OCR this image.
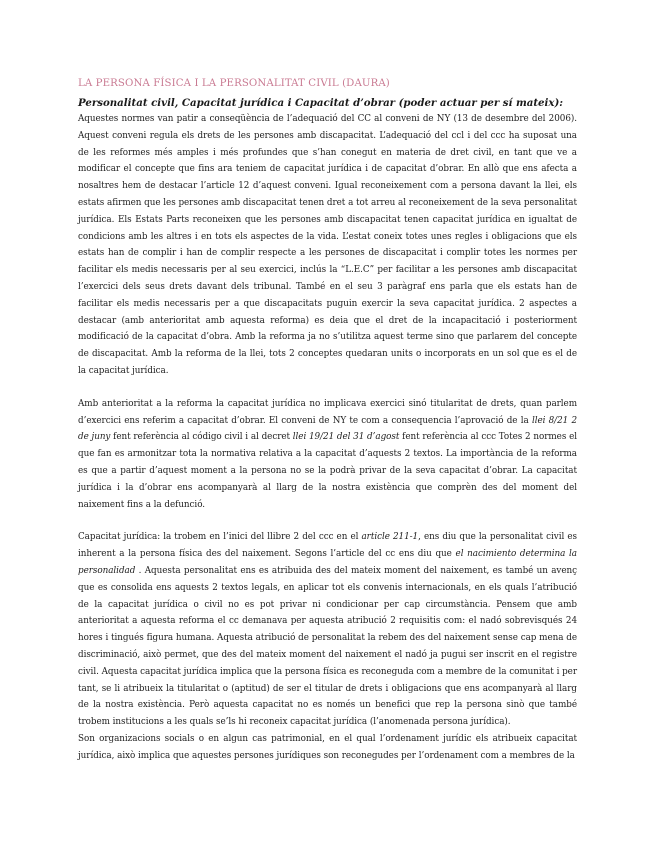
LA PERSONA FÍSICA I LA PERSONALITAT CIVIL (DAURA)
Personalitat civil, Capacitat jurídica i Capacitat d’obrar (poder actuar per sí mateix):

Aquestes normes van patir a conseqüència de l’adequació del CC al conveni de NY (13 de desembre del 2006). Aquest conveni regula els drets de les persones amb discapacitat. L’adequació del ccl i del ccc ha suposat una de les reformes més amples i més profundes que s’han conegut en materia de dret civil, en tant que ve a modificar el concepte que fins ara teniem de capacitat jurídica i de capacitat d’obrar. En allò que ens afecta a nosaltres hem de destacar l’article 12 d’aquest conveni. Igual reconeixement com a persona davant la llei, els estats afirmen que les persones amb discapacitat tenen dret a tot arreu al reconeixement de la seva personalitat jurídica. Els Estats Parts reconeixen que les persones amb discapacitat tenen capacitat jurídica en igualtat de condicions amb les altres i en tots els aspectes de la vida. L’estat coneix totes unes regles i obligacions que els estats han de complir i han de complir respecte a les persones de discapacitat i complir totes les normes per facilitar els medis necessaris per al seu exercici, inclús la “L.E.C” per facilitar a les persones amb discapacitat l’exercici dels seus drets davant dels tribunal. També en el seu 3 paràgraf ens parla que els estats han de facilitar els medis necessaris per a que discapacitats puguin exercir la seva capacitat jurídica. 2 aspectes a destacar (amb anterioritat amb aquesta reforma) es deia que el dret de la incapacitació i posteriorment modificació de la capacitat d’obra. Amb la reforma ja no s’utilitza aquest terme sino que parlarem del concepte de discapacitat. Amb la reforma de la llei, tots 2 conceptes quedaran units o incorporats en un sol que es el de la capacitat jurídica.

Amb anterioritat a la reforma la capacitat jurídica no implicava exercici sinó titularitat de drets, quan parlem d’exercici ens referim a capacitat d’obrar. El conveni de NY te com a consequencia l’aprovació de la llei 8/21 2 de juny fent referència al código civil i al decret llei 19/21 del 31 d’agost fent referència al ccc Totes 2 normes el que fan es armonitzar tota la normativa relativa a la capacitat d’aquests 2 textos. La importància de la reforma es que a partir d’aquest moment a la persona no se la podrà privar de la seva capacitat d’obrar. La capacitat jurídica i la d’obrar ens acompanyarà al llarg de la nostra existència que comprèn des del moment del naixement fins a la defunció.

Capacitat jurídica: la trobem en l’inici del llibre 2 del ccc en el article 211-1, ens diu que la personalitat civil es inherent a la persona física des del naixement. Segons l’article del cc ens diu que el nacimiento determina la personalidad . Aquesta personalitat ens es atribuida des del mateix moment del naixement, es també un avenç que es consolida ens aquests 2 textos legals, en aplicar tot els convenis internacionals, en els quals l’atribució de la capacitat jurídica o civil no es pot privar ni condicionar per cap circumstància. Pensem que amb anterioritat a aquesta reforma el cc demanava per aquesta atribució 2 requisitis com: el nadó sobrevisqués 24 hores i tingués figura humana. Aquesta atribució de personalitat la rebem des del naixement sense cap mena de discriminació, això permet, que des del mateix moment del naixement el nadó ja pugui ser inscrit en el registre civil. Aquesta capacitat jurídica implica que la persona física es reconeguda com a membre de la comunitat i per tant, se li atribueix la titularitat o (aptitud) de ser el titular de drets i obligacions que ens acompanyarà al llarg de la nostra existència. Però aquesta capacitat no es només un benefici que rep la persona sinò que també trobem institucions a les quals se’ls hi reconeix capacitat jurídica (l’anomenada persona jurídica).

Son organizacions socials o en algun cas patrimonial, en el qual l’ordenament jurídic els atribueix capacitat jurídica, això implica que aquestes persones jurídiques son reconegudes per l’ordenament com a membres de la
